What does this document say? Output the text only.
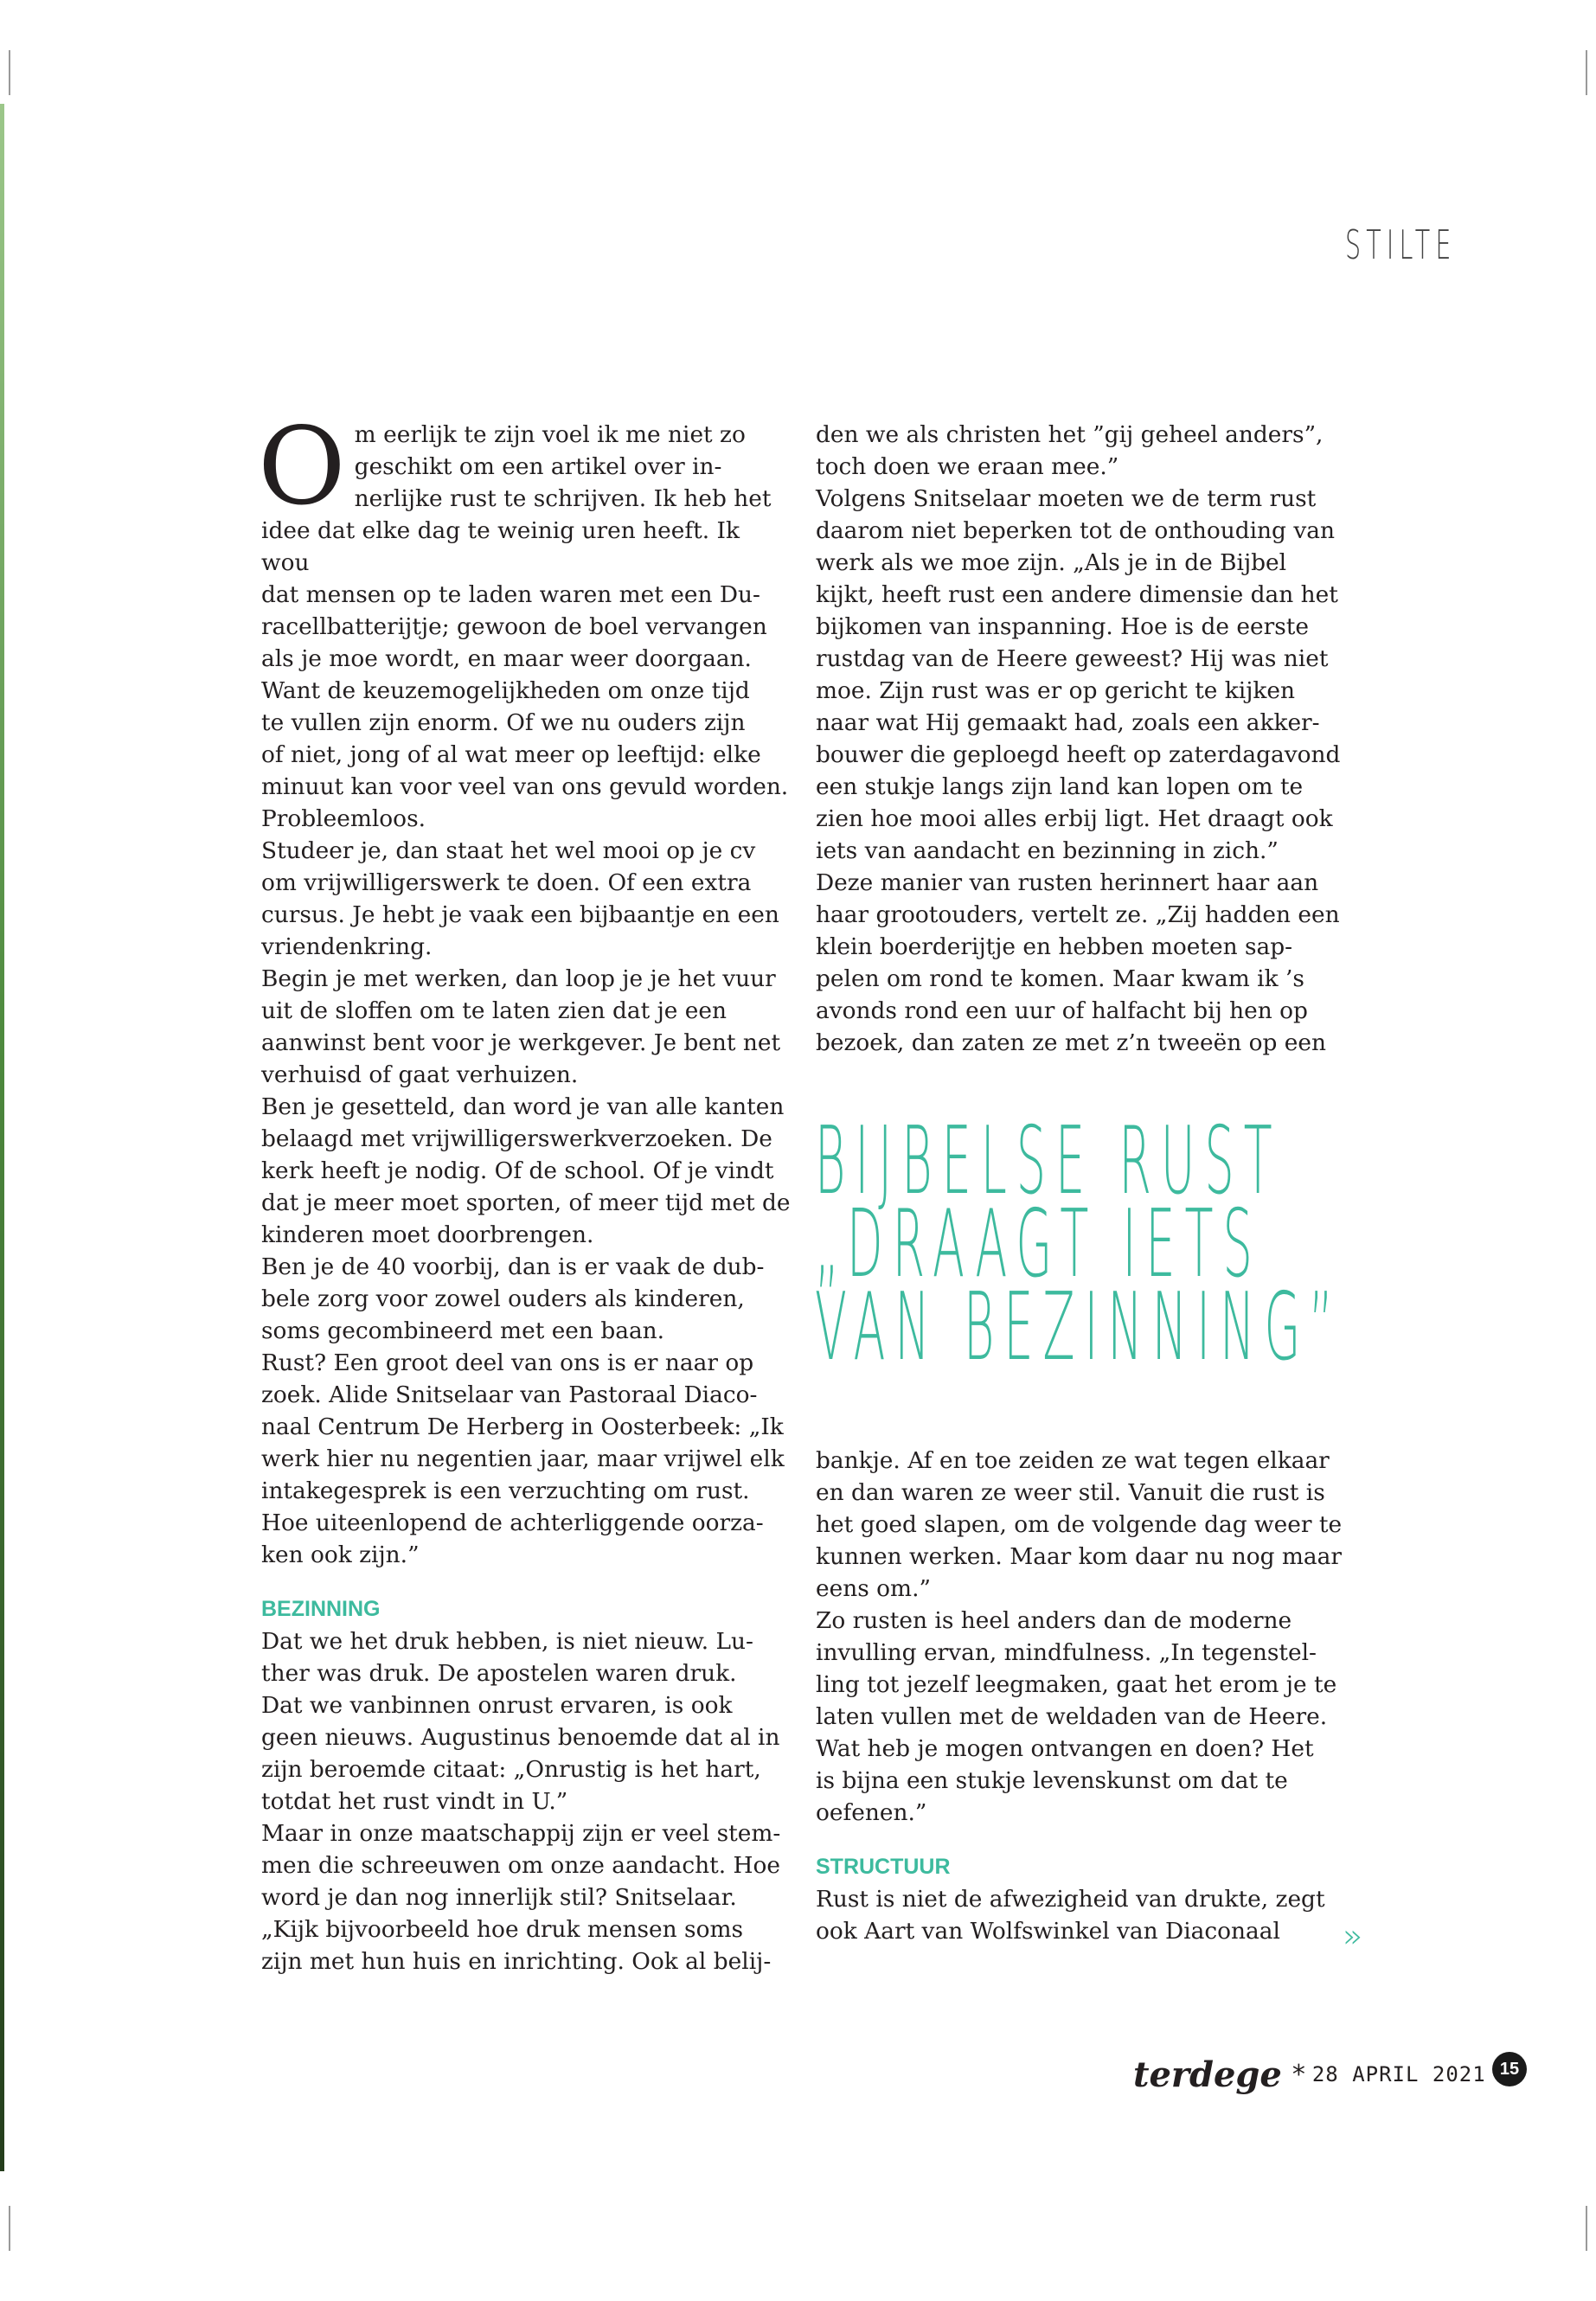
STILTE
O m eerlijk te zijn voel ik me niet zo
geschikt om een artikel over in-
nerlijke rust te schrijven. Ik heb het

idee dat elke dag te weinig uren heeft. Ik wou
dat mensen op te laden waren met een Du-
racellbatterijtje; gewoon de boel vervangen
als je moe wordt, en maar weer doorgaan.
Want de keuzemogelijkheden om onze tijd
te vullen zijn enorm. Of we nu ouders zijn
of niet, jong of al wat meer op leeftijd: elke
minuut kan voor veel van ons gevuld worden.
Probleemloos.

Studeer je, dan staat het wel mooi op je cv
om vrijwilligerswerk te doen. Of een extra
cursus. Je hebt je vaak een bijbaantje en een
vriendenkring.

Begin je met werken, dan loop je je het vuur
uit de sloffen om te laten zien dat je een
aanwinst bent voor je werkgever. Je bent net
verhuisd of gaat verhuizen.

Ben je gesetteld, dan word je van alle kanten
belaagd met vrijwilligerswerkverzoeken. De
kerk heeft je nodig. Of de school. Of je vindt
dat je meer moet sporten, of meer tijd met de
kinderen moet doorbrengen.

Ben je de 40 voorbij, dan is er vaak de dub-
bele zorg voor zowel ouders als kinderen,
soms gecombineerd met een baan.

Rust? Een groot deel van ons is er naar op
zoek. Alide Snitselaar van Pastoraal Diaco-
naal Centrum De Herberg in Oosterbeek: „Ik
werk hier nu negentien jaar, maar vrijwel elk
intakegesprek is een verzuchting om rust.
Hoe uiteenlopend de achterliggende oorza-
ken ook zijn.”

BEZINNING

Dat we het druk hebben, is niet nieuw. Lu-
ther was druk. De apostelen waren druk.
Dat we vanbinnen onrust ervaren, is ook
geen nieuws. Augustinus benoemde dat al in
zijn beroemde citaat: „Onrustig is het hart,
totdat het rust vindt in U.”

Maar in onze maatschappij zijn er veel stem-
men die schreeuwen om onze aandacht. Hoe
word je dan nog innerlijk stil? Snitselaar.
„Kijk bijvoorbeeld hoe druk mensen soms
zijn met hun huis en inrichting. Ook al belij-

den we als christen het ”gij geheel anders”,
toch doen we eraan mee.”

Volgens Snitselaar moeten we de term rust
daarom niet beperken tot de onthouding van
werk als we moe zijn. „Als je in de Bijbel
kijkt, heeft rust een andere dimensie dan het
bijkomen van inspanning. Hoe is de eerste
rustdag van de Heere geweest? Hij was niet
moe. Zijn rust was er op gericht te kijken
naar wat Hij gemaakt had, zoals een akker-
bouwer die geploegd heeft op zaterdagavond
een stukje langs zijn land kan lopen om te
zien hoe mooi alles erbij ligt. Het draagt ook
iets van aandacht en bezinning in zich.”

Deze manier van rusten herinnert haar aan
haar grootouders, vertelt ze. „Zij hadden een
klein boerderijtje en hebben moeten sap-
pelen om rond te komen. Maar kwam ik ’s
avonds rond een uur of halfacht bij hen op
bezoek, dan zaten ze met z’n tweeën op een

BIJBELSE RUST
„DRAAGT IETS
VAN BEZINNING”

bankje. Af en toe zeiden ze wat tegen elkaar
en dan waren ze weer stil. Vanuit die rust is
het goed slapen, om de volgende dag weer te
kunnen werken. Maar kom daar nu nog maar
eens om.”

Zo rusten is heel anders dan de moderne
invulling ervan, mindfulness. „In tegenstel-
ling tot jezelf leegmaken, gaat het erom je te
laten vullen met de weldaden van de Heere.
Wat heb je mogen ontvangen en doen? Het
is bijna een stukje levenskunst om dat te
oefenen.”

STRUCTUUR

Rust is niet de afwezigheid van drukte, zegt
ook Aart van Wolfswinkel van Diaconaal	»
terdege * 28 APRIL 2021 15
